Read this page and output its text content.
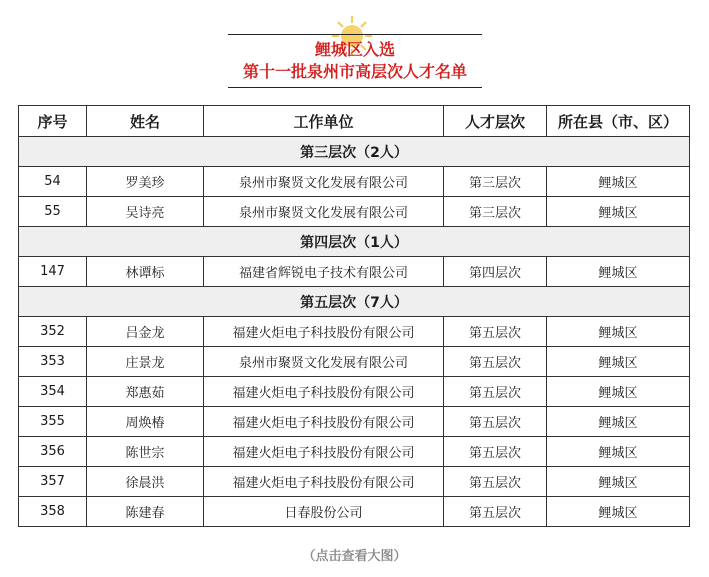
鲤城区入选
第十一批泉州市高层次人才名单
序号	姓名	工作单位	人才层次	所在县（市、区）
第三层次（2人）				
54	罗美珍	泉州市聚贤文化发展有限公司	第三层次	鲤城区
55	吴诗亮	泉州市聚贤文化发展有限公司	第三层次	鲤城区
第四层次（1人）				
147	林谭标	福建省辉锐电子技术有限公司	第四层次	鲤城区
第五层次（7人）				
352	吕金龙	福建火炬电子科技股份有限公司	第五层次	鲤城区
353	庄景龙	泉州市聚贤文化发展有限公司	第五层次	鲤城区
354	郑惠茹	福建火炬电子科技股份有限公司	第五层次	鲤城区
355	周焕椿	福建火炬电子科技股份有限公司	第五层次	鲤城区
356	陈世宗	福建火炬电子科技股份有限公司	第五层次	鲤城区
357	徐晨洪	福建火炬电子科技股份有限公司	第五层次	鲤城区
358	陈建春	日春股份公司	第五层次	鲤城区
（点击查看大图）
